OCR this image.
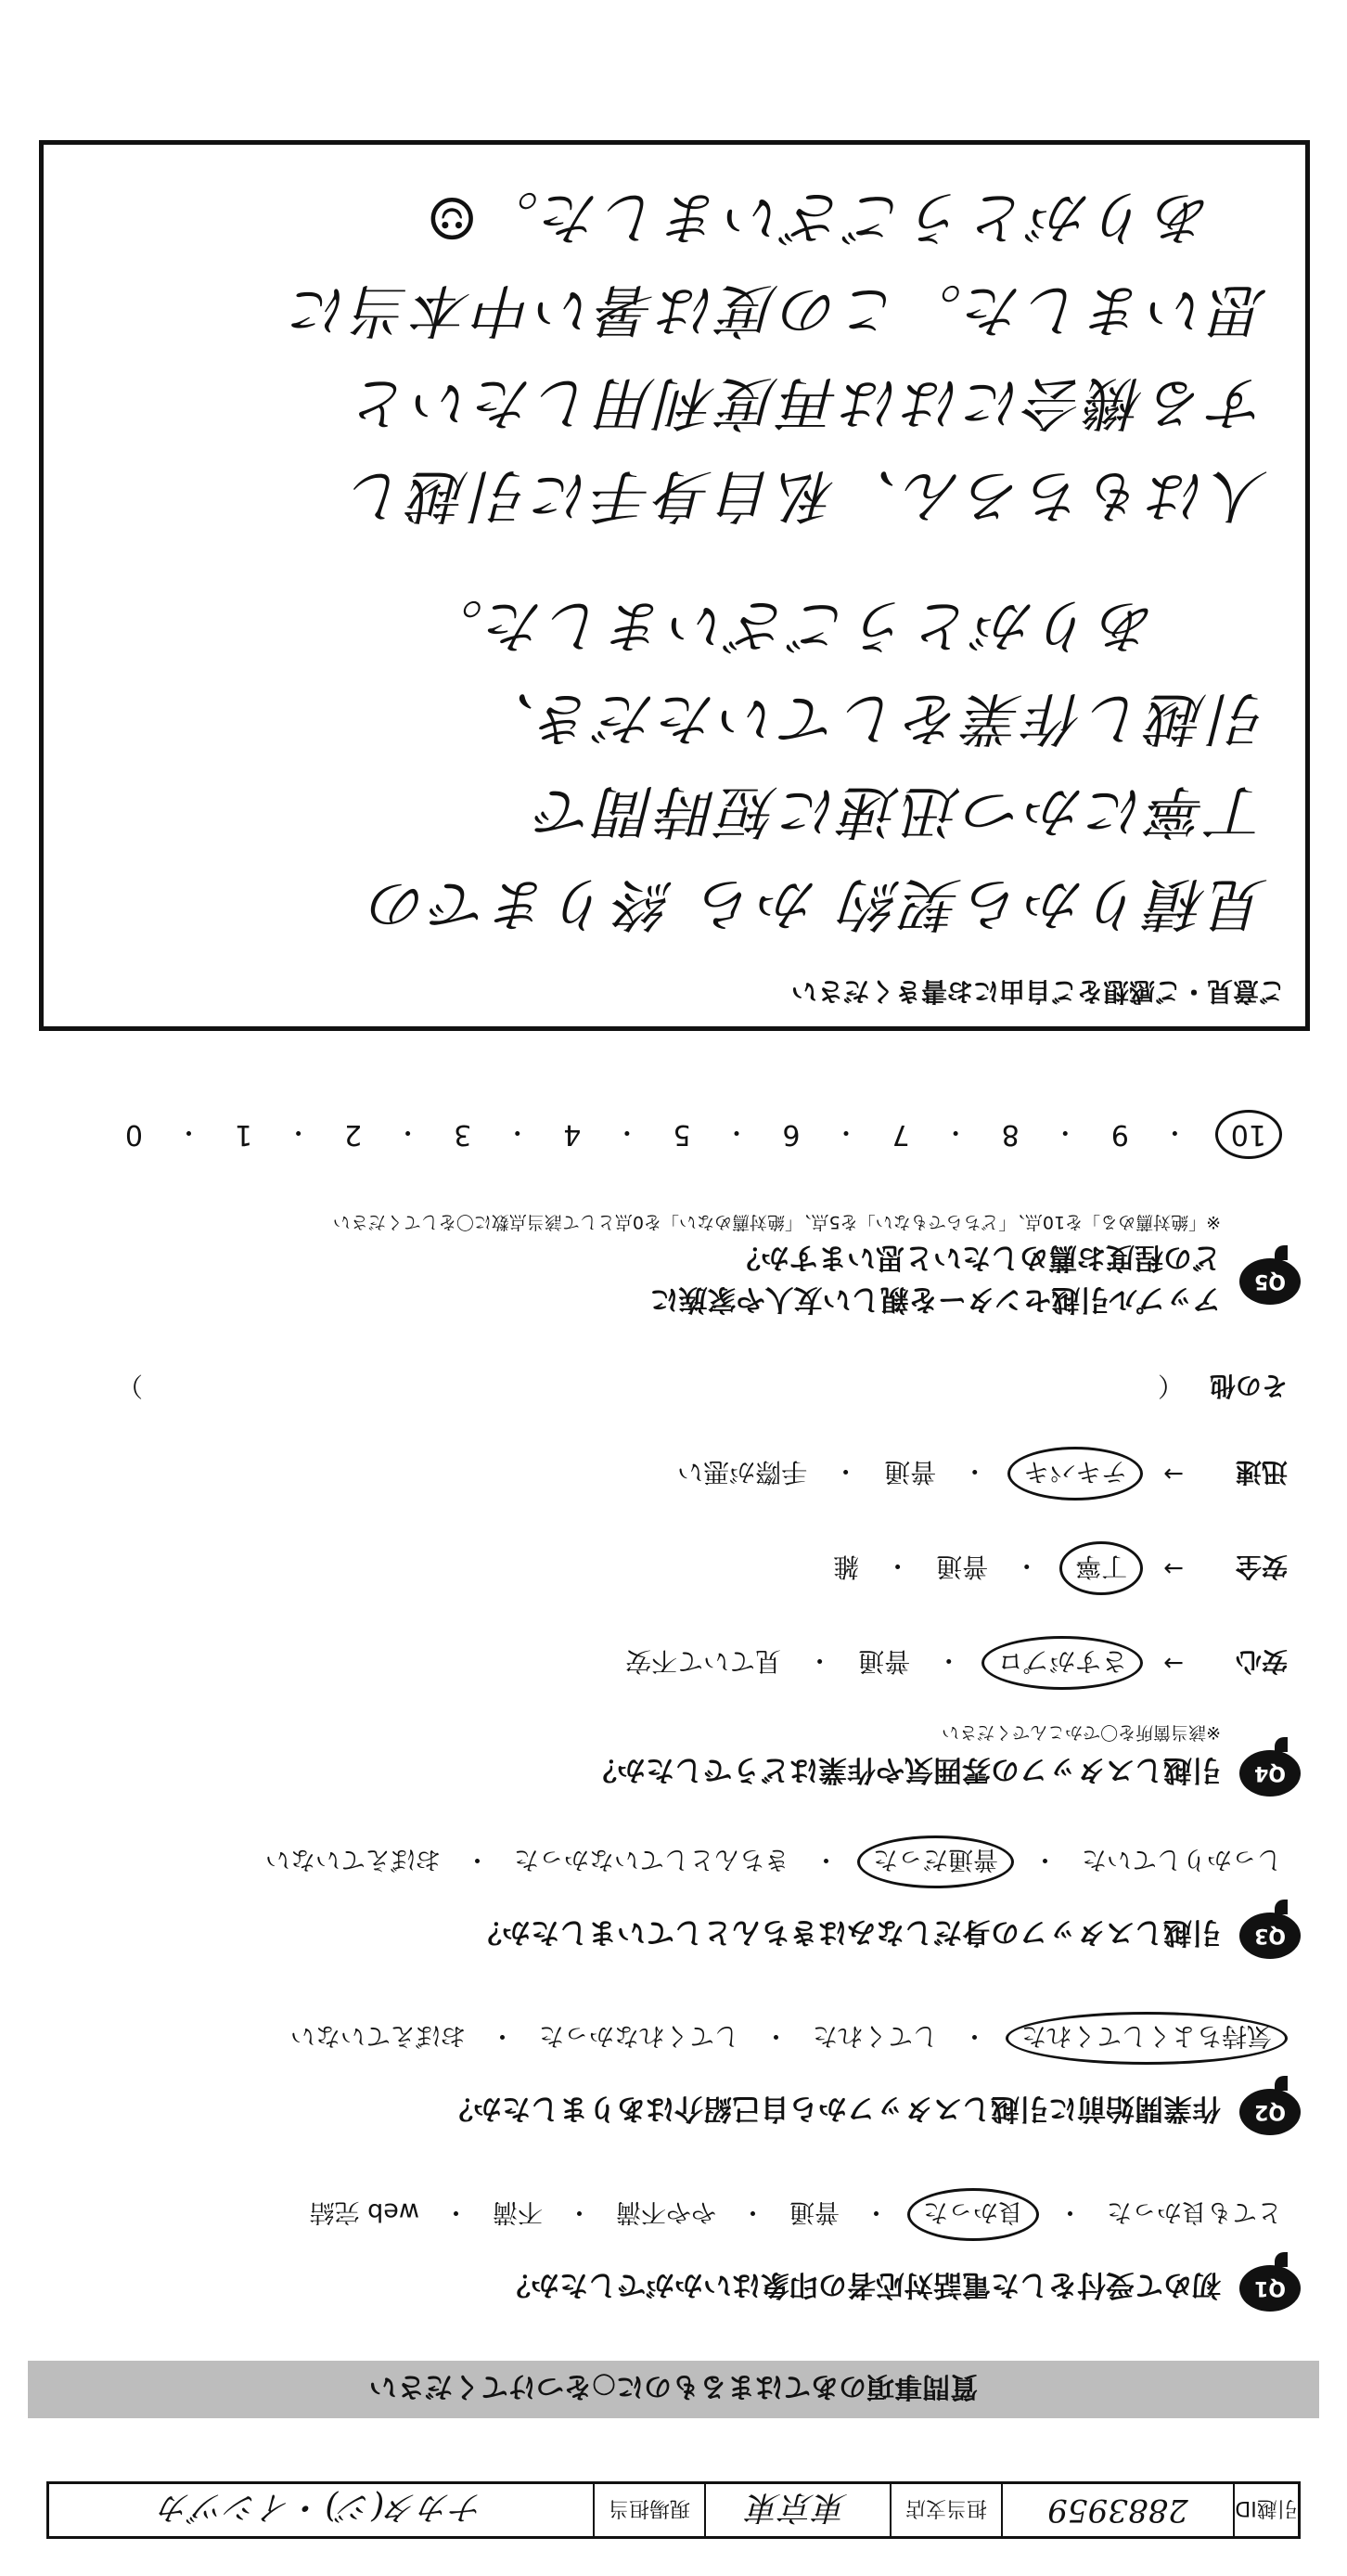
引越ID
2883959
担当支店
東京東
現場担当
ナカタ(ジ)・イシヅカ
質問事項のあてはまるものに○をつけてください
Q1
初めて受付をした電話対応者の印象はいかがでしたか？
とても良かった
・
良かった
・
普通
・
やや不満
・
不満
・
web 完結
Q2
作業開始前に引越しスタッフから自己紹介はありましたか？
気持ちよくしてくれた
・
してくれた
・
してくれなかった
・
おぼえていない
Q3
引越しスタッフの身だしなみはきちんとしていましたか？
しっかりしていた
・
普通だった
・
きちんとしていなかった
・
おぼえていない
Q4
引越しスタッフの雰囲気や作業はどうでしたか？
※該当箇所を〇でかこんでください
安心
→
さすがプロ
・
普通
・
見ていて不安
安全
→
丁寧
・
普通
・
雑
迅速
→
テキパキ
・
普通
・
手際が悪い
その他
（
）
Q5
アップル引越センターを親しい友人や家族に
どの程度お薦めしたいと思いますか？
※「絶対薦める」を10点、「どちらでもない」を5点、「絶対薦めない」を0点として該当点数に〇をしてください
10
・
9
・
8
・
7
・
6
・
5
・
4
・
3
・
2
・
1
・
0
ご意見・ご感想をご自由にお書きください
見積りから契約 から 終りまでの
丁寧にかつ迅速に短時間で
引越し作業をしていただき、
ありがとうございました。
人はもちろん、私自身手に引越し
する機会にはは再度利用したいと
思いました。この度は暑い中本当に
ありがとうございました。☺
